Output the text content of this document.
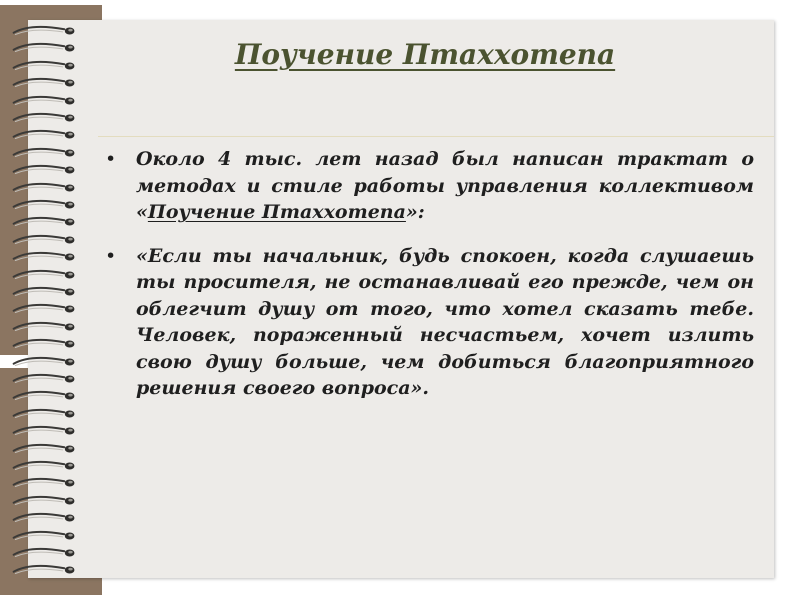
Поучение Птаххотепа

• Около 4 тыс. лет назад был написан трактат о методах и стиле работы управления коллективом «Поучение Птаххотепа»:

• «Если ты начальник, будь спокоен, когда слушаешь ты просителя, не останавливай его прежде, чем он облегчит душу от того, что хотел сказать тебе. Человек, пораженный несчастьем, хочет излить свою душу больше, чем добиться благоприятного решения своего вопроса».
